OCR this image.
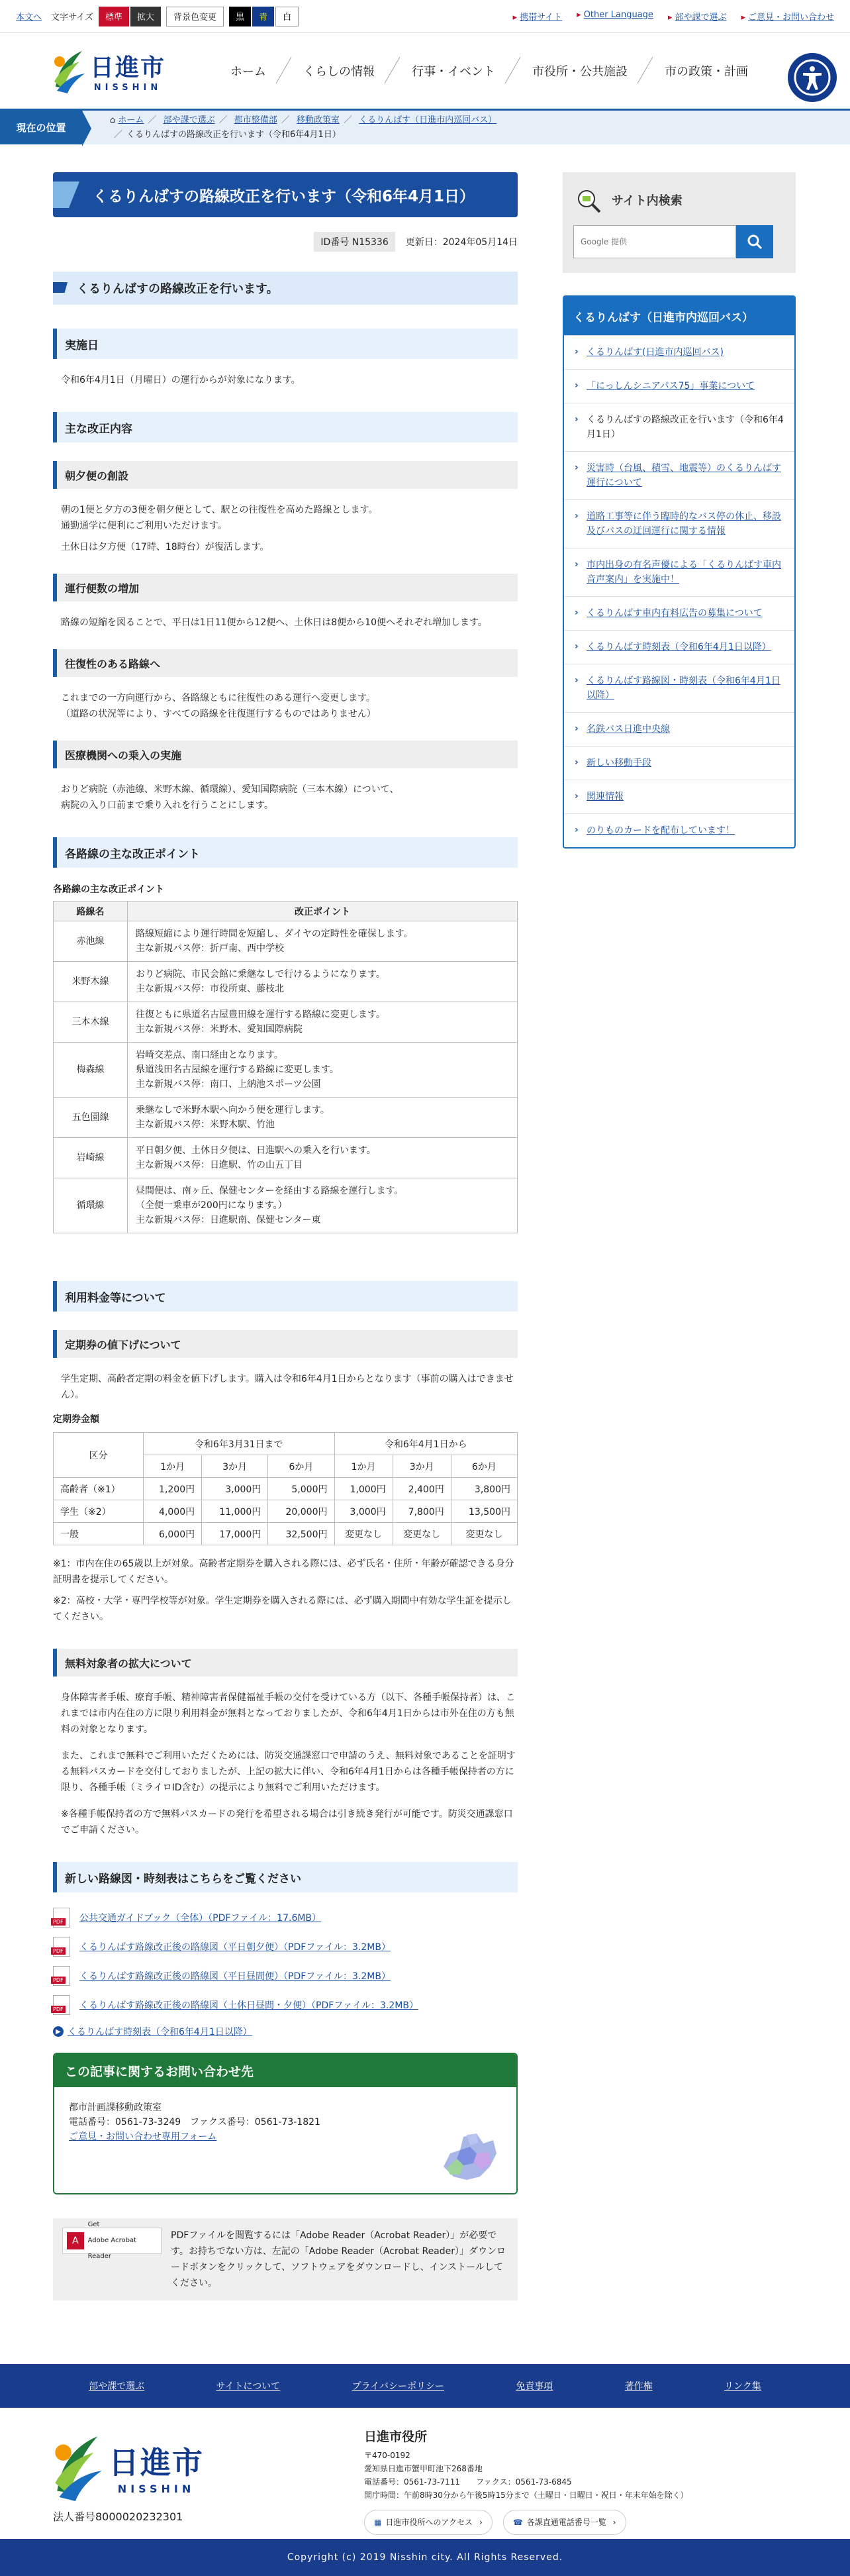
本文へ 文字サイズ	標準	拡大	背景色変更	黒	青	白	▸ 携帯サイト	▸ Other Language	▸ 部や課で選ぶ	▸ ご意見・お問い合わせ
日進市
NISSHIN
ホーム	くらしの情報	行事・イベント	市役所・公共施設	市の政策・計画
現在の位置
⌂ ホーム ／ 部や課で選ぶ ／ 都市整備部 ／ 移動政策室 ／ くるりんばす（日進市内巡回バス）
／ くるりんばすの路線改正を行います（令和6年4月1日）
くるりんばすの路線改正を行います（令和6年4月1日）
ID番号 N15336	更新日：2024年05月14日
くるりんばすの路線改正を行います。
実施日

令和6年4月1日（月曜日）の運行からが対象になります。

主な改正内容
朝夕便の創設
朝の1便と夕方の3便を朝夕便として、駅との往復性を高めた路線とします。
通勤通学に便利にご利用いただけます。

土休日は夕方便（17時、18時台）が復活します。

運行便数の増加

路線の短縮を図ることで、平日は1日11便から12便へ、土休日は8便から10便へそれぞれ増加します。

往復性のある路線へ
これまでの一方向運行から、各路線ともに往復性のある運行へ変更します。
（道路の状況等により、すべての路線を往復運行するものではありません）
医療機関への乗入の実施
おりど病院（赤池線、米野木線、循環線）、愛知国際病院（三本木線）について、
病院の入り口前まで乗り入れを行うことにします。
各路線の主な改正ポイント
各路線の主な改正ポイント
路線名	改正ポイント
赤池線	路線短縮により運行時間を短縮し、ダイヤの定時性を確保します。
主な新規バス停：折戸南、西中学校

米野木線	おりど病院、市民会館に乗継なしで行けるようになります。
主な新規バス停：市役所東、藤枝北

三本木線	往復ともに県道名古屋豊田線を運行する路線に変更します。
主な新規バス停：米野木、愛知国際病院

梅森線	岩崎交差点、南口経由となります。
県道浅田名古屋線を運行する路線に変更します。
主な新規バス停：南口、上納池スポーツ公園

五色園線	乗継なしで米野木駅へ向かう便を運行します。
主な新規バス停：米野木駅、竹池

岩崎線	平日朝夕便、土休日夕便は、日進駅への乗入を行います。
主な新規バス停：日進駅、竹の山五丁目

循環線	昼間便は、南ヶ丘、保健センターを経由する路線を運行します。
（全便一乗車が200円になります。）
主な新規バス停：日進駅南、保健センター東
利用料金等について
定期券の値下げについて

学生定期、高齢者定期の料金を値下げします。購入は令和6年4月1日からとなります（事前の購入はできません）。

定期券金額
区分	令和6年3月31日まで			令和6年4月1日から		
	1か月	3か月	6か月	1か月	3か月	6か月
高齢者（※1）	1,200円	3,000円	5,000円	1,000円	2,400円	3,800円
学生（※2）	4,000円	11,000円	20,000円	3,000円	7,800円	13,500円
一般	6,000円	17,000円	32,500円	変更なし	変更なし	変更なし

※1：市内在住の65歳以上が対象。高齢者定期券を購入される際には、必ず氏名・住所・年齢が確認できる身分証明書を提示してください。

※2：高校・大学・専門学校等が対象。学生定期券を購入される際には、必ず購入期間中有効な学生証を提示してください。

無料対象者の拡大について

身体障害者手帳、療育手帳、精神障害者保健福祉手帳の交付を受けている方（以下、各種手帳保持者）は、これまでは市内在住の方に限り利用料金が無料となっておりましたが、令和6年4月1日からは市外在住の方も無料の対象となります。

また、これまで無料でご利用いただくためには、防災交通課窓口で申請のうえ、無料対象であることを証明する無料パスカードを交付しておりましたが、上記の拡大に伴い、令和6年4月1日からは各種手帳保持者の方に限り、各種手帳（ミライロID含む）の提示により無料でご利用いただけます。

※各種手帳保持者の方で無料パスカードの発行を希望される場合は引き続き発行が可能です。防災交通課窓口でご申請ください。

新しい路線図・時刻表はこちらをご覧ください
PDF
公共交通ガイドブック（全体）（PDFファイル：17.6MB）
PDF
くるりんばす路線改正後の路線図（平日朝夕便）（PDFファイル：3.2MB）
PDF
くるりんばす路線改正後の路線図（平日昼間便）（PDFファイル：3.2MB）
PDF
くるりんばす路線改正後の路線図（土休日昼間・夕便）（PDFファイル：3.2MB）
▶ くるりんばす時刻表（令和6年4月1日以降）
この記事に関するお問い合わせ先
都市計画課移動政策室
電話番号：0561-73-3249　ファクス番号：0561-73-1821
ご意見・お問い合わせ専用フォーム
A
Get
Adobe Acrobat Reader

PDFファイルを閲覧するには「Adobe Reader（Acrobat Reader）」が必要です。お持ちでない方は、左記の「Adobe Reader（Acrobat Reader）」ダウンロードボタンをクリックして、ソフトウェアをダウンロードし、インストールしてください。

サイト内検索
Google 提供
くるりんばす（日進市内巡回バス）
› くるりんばす(日進市内巡回バス)
› 「にっしんシニアパス75」事業について
› くるりんばすの路線改正を行います（令和6年4月1日）
› 災害時（台風、積雪、地震等）のくるりんばす運行について
› 道路工事等に伴う臨時的なバス停の休止、移設及びバスの迂回運行に関する情報
› 市内出身の有名声優による「くるりんばす車内音声案内」を実施中！
› くるりんばす車内有料広告の募集について
› くるりんばす時刻表（令和6年4月1日以降）
› くるりんばす路線図・時刻表（令和6年4月1日以降）
› 名鉄バス日進中央線
› 新しい移動手段
› 関連情報
› のりものカードを配布しています！
部や課で選ぶ	サイトについて	プライバシーポリシー	免責事項	著作権	リンク集
日進市
NISSHIN
法人番号8000020232301
日進市役所
〒470-0192
愛知県日進市蟹甲町池下268番地
電話番号：0561-73-7111　　ファクス：0561-73-6845
開庁時間：午前8時30分から午後5時15分まで（土曜日・日曜日・祝日・年末年始を除く）
▦ 日進市役所へのアクセス ›	☎ 各課直通電話番号一覧 ›
Copyright (c) 2019 Nisshin city. All Rights Reserved.
